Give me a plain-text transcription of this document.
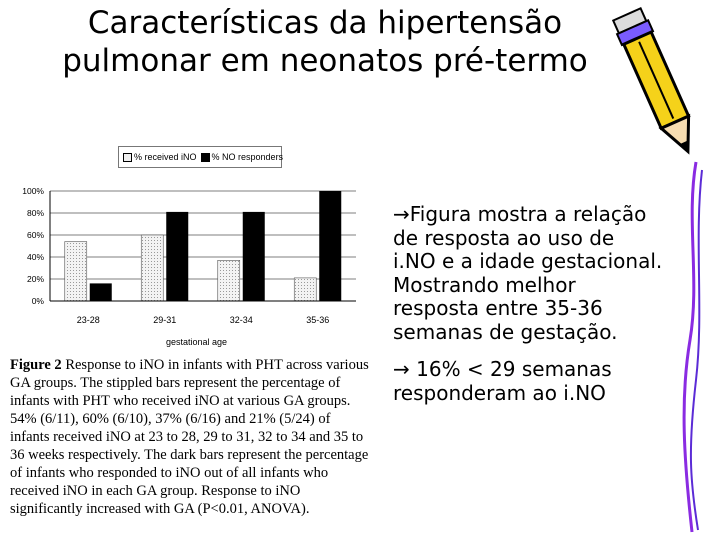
Características da hipertensão pulmonar em neonatos pré-termo
% received iNO % NO responders
0%
20%
40%
60%
80%
100%
23-28	29-31	32-34	35-36
gestational age
Figure 2 Response to iNO in infants with PHT across various GA groups. The stippled bars represent the percentage of infants with PHT who received iNO at various GA groups. 54% (6/11), 60% (6/10), 37% (6/16) and 21% (5/24) of infants received iNO at 23 to 28, 29 to 31, 32 to 34 and 35 to 36 weeks respectively. The dark bars represent the percentage of infants who responded to iNO out of all infants who received iNO in each GA group. Response to iNO significantly increased with GA (P<0.01, ANOVA).

→Figura mostra a relação de resposta ao uso de i.NO e a idade gestacional. Mostrando melhor resposta entre 35-36 semanas de gestação.

→ 16% < 29 semanas responderam ao i.NO
